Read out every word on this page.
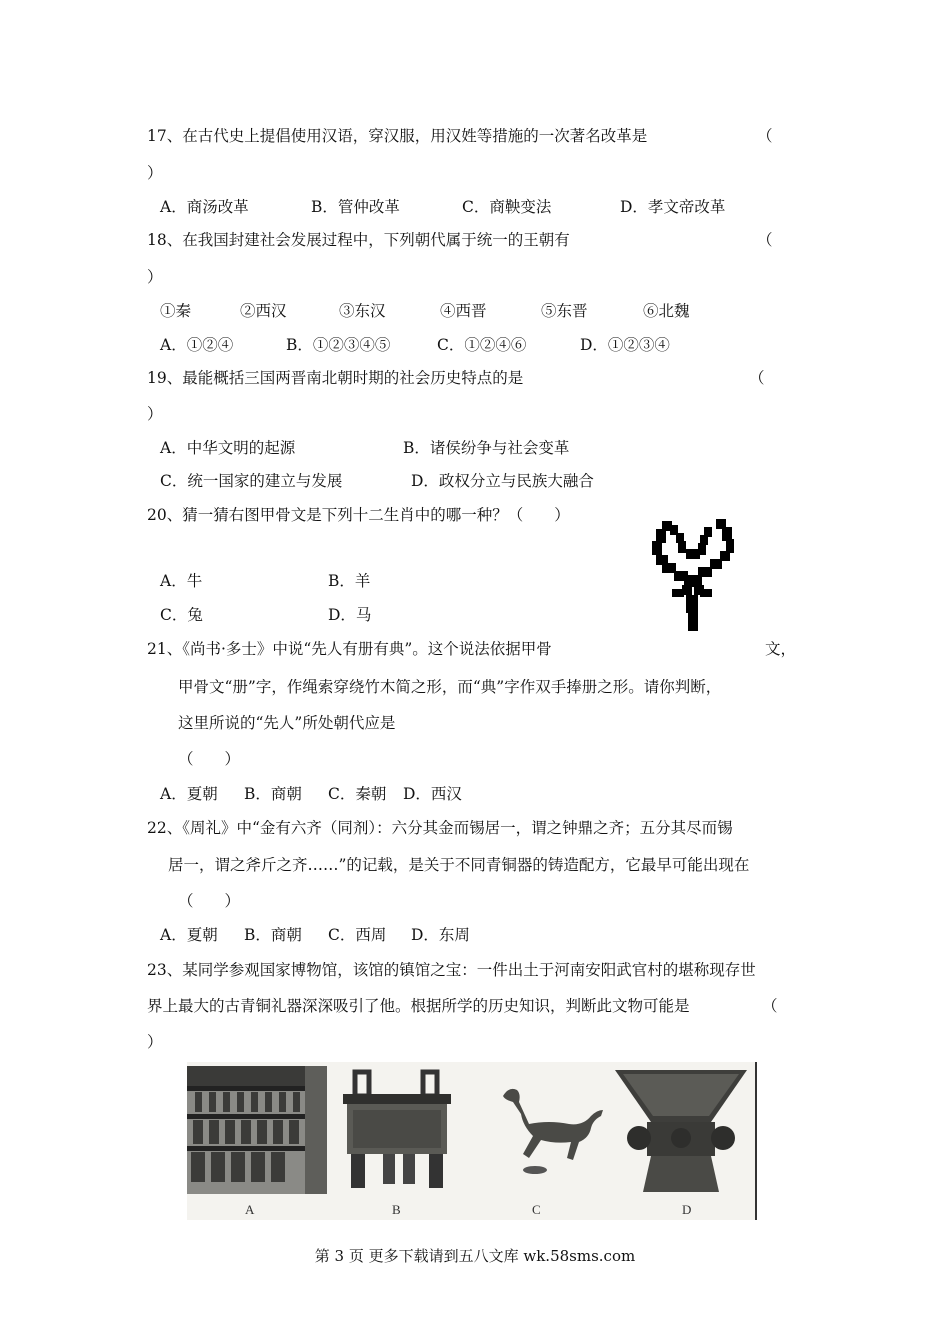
17、在古代史上提倡使用汉语，穿汉服，用汉姓等措施的一次著名改革是	（
）
A．商汤改革	B．管仲改革	C．商鞅变法	D．孝文帝改革
18、在我国封建社会发展过程中，下列朝代属于统一的王朝有	（
）
①秦	②西汉	③东汉	④西晋	⑤东晋	⑥北魏
A．①②④	B．①②③④⑤	C．①②④⑥	D．①②③④
19、最能概括三国两晋南北朝时期的社会历史特点的是	（
）
A．中华文明的起源	B．诸侯纷争与社会变革
C．统一国家的建立与发展	D．政权分立与民族大融合
20、猜一猜右图甲骨文是下列十二生肖中的哪一种？（　　）
A．牛	B．羊
C．兔	D．马
21、《尚书·多士》中说“先人有册有典”。这个说法依据甲骨	文，
甲骨文“册”字，作绳索穿绕竹木简之形，而“典”字作双手捧册之形。请你判断，
这里所说的“先人”所处朝代应是
（　　）
A．夏朝 B．商朝 C．秦朝 D．西汉
22、《周礼》中“金有六齐（同剂）：六分其金而锡居一，谓之钟鼎之齐；五分其尽而锡
居一，谓之斧斤之齐……”的记载，是关于不同青铜器的铸造配方，它最早可能出现在
（　　）
A．夏朝 B．商朝 C．西周 D．东周
23、某同学参观国家博物馆，该馆的镇馆之宝：一件出土于河南安阳武官村的堪称现存世
界上最大的古青铜礼器深深吸引了他。根据所学的历史知识，判断此文物可能是	（
）
A	B	C	D
第 3 页 更多下载请到五八文库 wk.58sms.com
